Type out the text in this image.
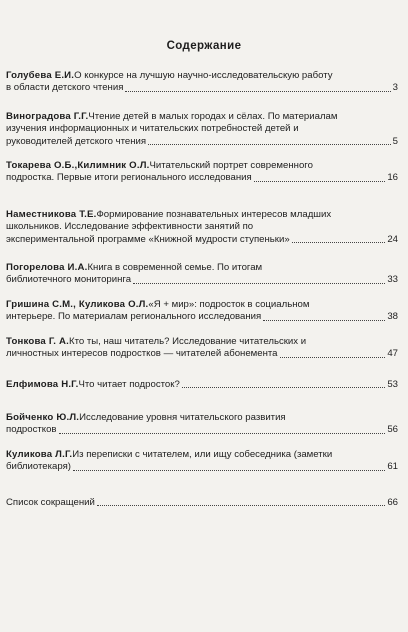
Содержание
Голубева Е.И. О конкурсе на лучшую научно-исследовательскую работу
в области детского чтения	3
Виноградова Г.Г. Чтение детей в малых городах и сёлах. По материалам
изучения информационных и читательских потребностей детей и
руководителей детского чтения	5
Токарева О.Б.,Килимник О.Л. Читательский портрет современного
подростка. Первые итоги регионального исследования	16
Наместникова Т.Е. Формирование познавательных интересов младших
школьников. Исследование эффективности занятий по
экспериментальной программе «Книжной мудрости ступеньки»	24
Погорелова И.А. Книга в современной семье. По итогам
библиотечного мониторинга	33
Гришина С.М., Куликова О.Л. «Я + мир»: подросток в социальном
интерьере. По материалам регионального исследования	38
Тонкова Г. А. Кто ты, наш читатель? Исследование читательских и
личностных интересов подростков — читателей абонемента	47
Елфимова Н.Г. Что читает подросток?	53
Бойченко Ю.Л. Исследование уровня читательского развития
подростков	56
Куликова Л.Г. Из переписки с читателем, или ищу собеседника (заметки
библиотекаря)	61
Список сокращений	66
